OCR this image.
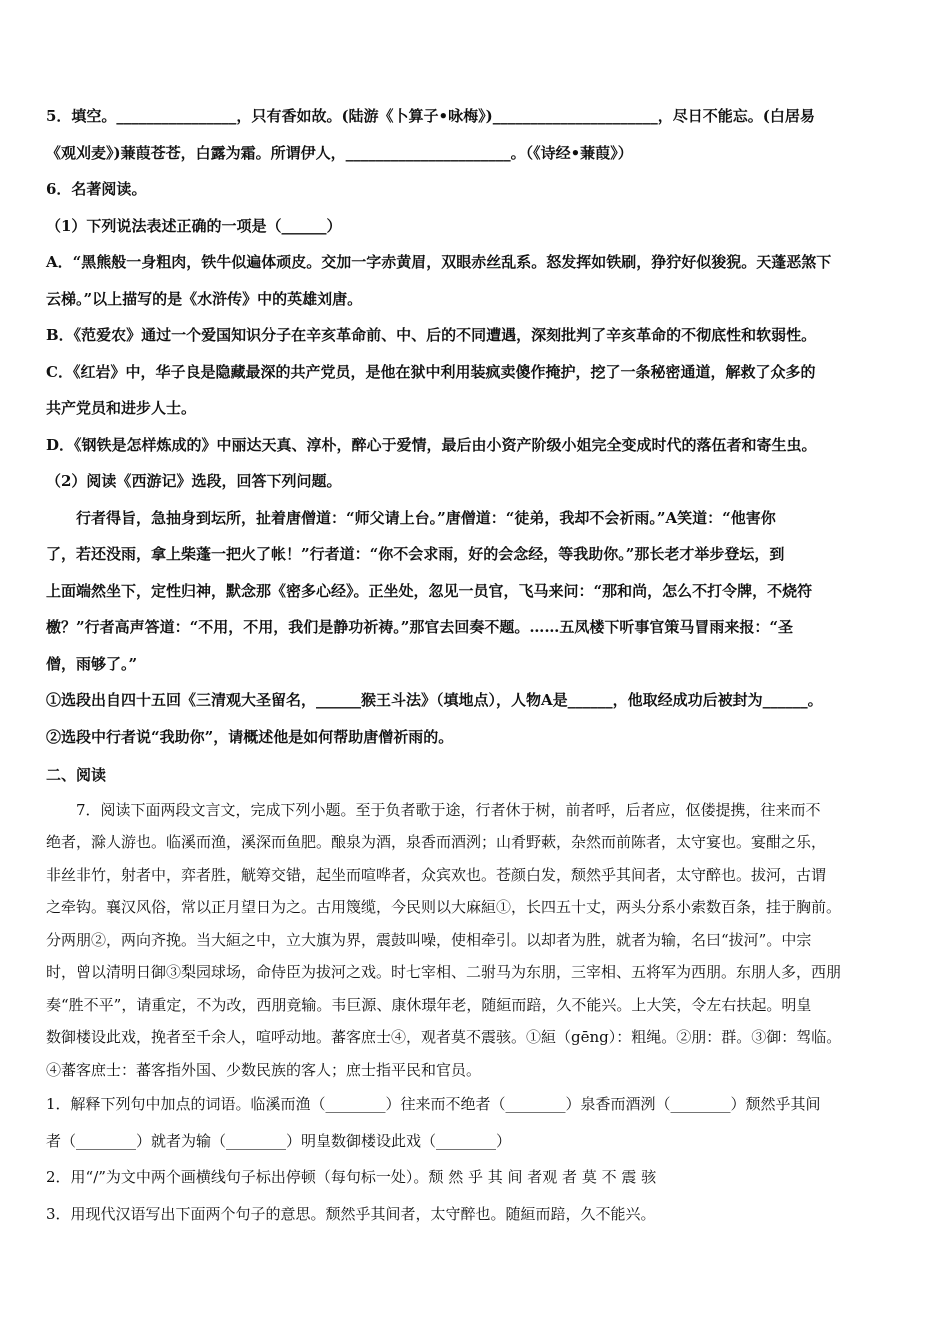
5．填空。________________，只有香如故。(陆游《卜算子•咏梅》)______________________，尽日不能忘。(白居易

《观刈麦》)蒹葭苍苍，白露为霜。所谓伊人，______________________。（《诗经•蒹葭》）

6．名著阅读。

（1）下列说法表述正确的一项是（______）

A．“黑熊般一身粗肉，铁牛似遍体顽皮。交加一字赤黄眉，双眼赤丝乱系。怒发挥如铁刷，狰狞好似狻猊。天蓬恶煞下

云梯。”以上描写的是《水浒传》中的英雄刘唐。

B．《范爱农》通过一个爱国知识分子在辛亥革命前、中、后的不同遭遇，深刻批判了辛亥革命的不彻底性和软弱性。

C．《红岩》中，华子良是隐藏最深的共产党员，是他在狱中利用装疯卖傻作掩护，挖了一条秘密通道，解救了众多的

共产党员和进步人士。

D．《钢铁是怎样炼成的》中丽达天真、淳朴，醉心于爱情，最后由小资产阶级小姐完全变成时代的落伍者和寄生虫。

（2）阅读《西游记》选段，回答下列问题。

行者得旨，急抽身到坛所，扯着唐僧道：“师父请上台。”唐僧道：“徒弟，我却不会祈雨。”A笑道：“他害你

了，若还没雨，拿上柴蓬一把火了帐！”行者道：“你不会求雨，好的会念经，等我助你。”那长老才举步登坛，到

上面端然坐下，定性归神，默念那《密多心经》。正坐处，忽见一员官，飞马来问：“那和尚，怎么不打令牌，不烧符

檄？”行者高声答道：“不用，不用，我们是静功祈祷。”那官去回奏不题。……五凤楼下听事官策马冒雨来报：“圣

僧，雨够了。”

①选段出自四十五回《三清观大圣留名，______猴王斗法》（填地点），人物A是______，他取经成功后被封为______。

②选段中行者说“我助你”，请概述他是如何帮助唐僧祈雨的。

二、阅读

7．阅读下面两段文言文，完成下列小题。至于负者歌于途，行者休于树，前者呼，后者应，伛偻提携，往来而不

绝者，滁人游也。临溪而渔，溪深而鱼肥。酿泉为酒，泉香而酒洌；山肴野蔌，杂然而前陈者，太守宴也。宴酣之乐，

非丝非竹，射者中，弈者胜，觥筹交错，起坐而喧哗者，众宾欢也。苍颜白发，颓然乎其间者，太守醉也。拔河，古谓

之牵钩。襄汉风俗，常以正月望日为之。古用篾缆，今民则以大麻絙①，长四五十丈，两头分系小索数百条，挂于胸前。

分两朋②，两向齐挽。当大絙之中，立大旗为界，震鼓叫噪，使相牵引。以却者为胜，就者为输，名曰“拔河”。中宗

时，曾以清明日御③梨园球场，命侍臣为拔河之戏。时七宰相、二驸马为东朋，三宰相、五将军为西朋。东朋人多，西朋

奏“胜不平”，请重定，不为改，西朋竟输。韦巨源、康休璟年老，随絙而踣，久不能兴。上大笑，令左右扶起。明皇

数御楼设此戏，挽者至千余人，喧呼动地。蕃客庶士④，观者莫不震骇。①絙（gēng）：粗绳。②朋：群。③御：驾临。

④蕃客庶士：蕃客指外国、少数民族的客人；庶士指平民和官员。

1．解释下列句中加点的词语。临溪而渔（________）往来而不绝者（________）泉香而酒洌（________）颓然乎其间

者（________）就者为输（________）明皇数御楼设此戏（________）

2．用“/”为文中两个画横线句子标出停顿（每句标一处）。颓 然 乎 其 间 者观 者 莫 不 震 骇

3．用现代汉语写出下面两个句子的意思。颓然乎其间者，太守醉也。随絙而踣，久不能兴。
